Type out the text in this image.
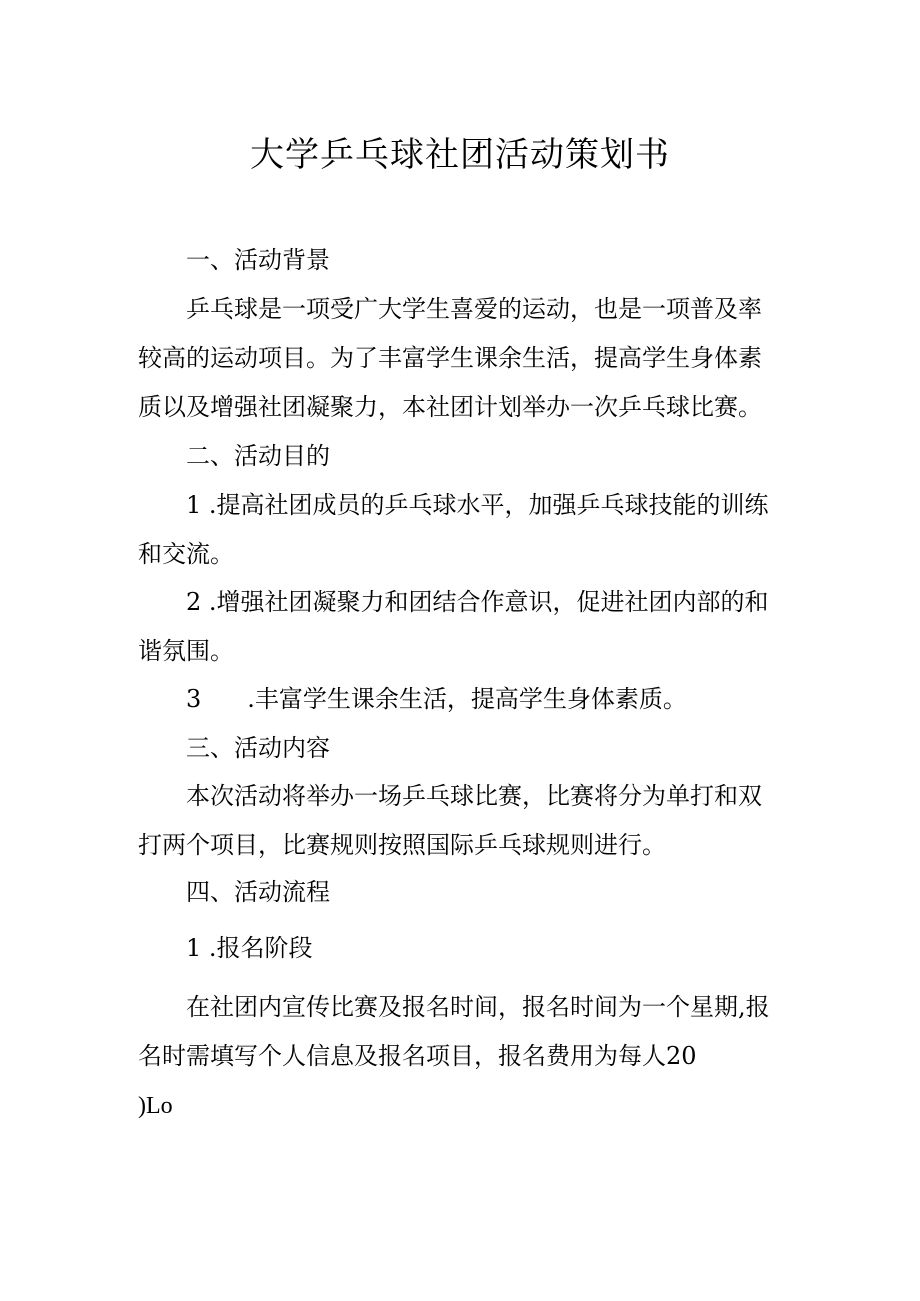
大学乒乓球社团活动策划书
一、活动背景
乒乓球是一项受广大学生喜爱的运动，也是一项普及率
较高的运动项目。为了丰富学生课余生活，提高学生身体素
质以及增强社团凝聚力，本社团计划举办一次乒乓球比赛。
二、活动目的
1 .提高社团成员的乒乓球水平，加强乒乓球技能的训练
和交流。
2 .增强社团凝聚力和团结合作意识，促进社团内部的和
谐氛围。
3 .丰富学生课余生活，提高学生身体素质。
三、活动内容
本次活动将举办一场乒乓球比赛，比赛将分为单打和双
打两个项目，比赛规则按照国际乒乓球规则进行。
四、活动流程
1 .报名阶段
在社团内宣传比赛及报名时间，报名时间为一个星期,报
名时需填写个人信息及报名项目，报名费用为每人20
)Lo
